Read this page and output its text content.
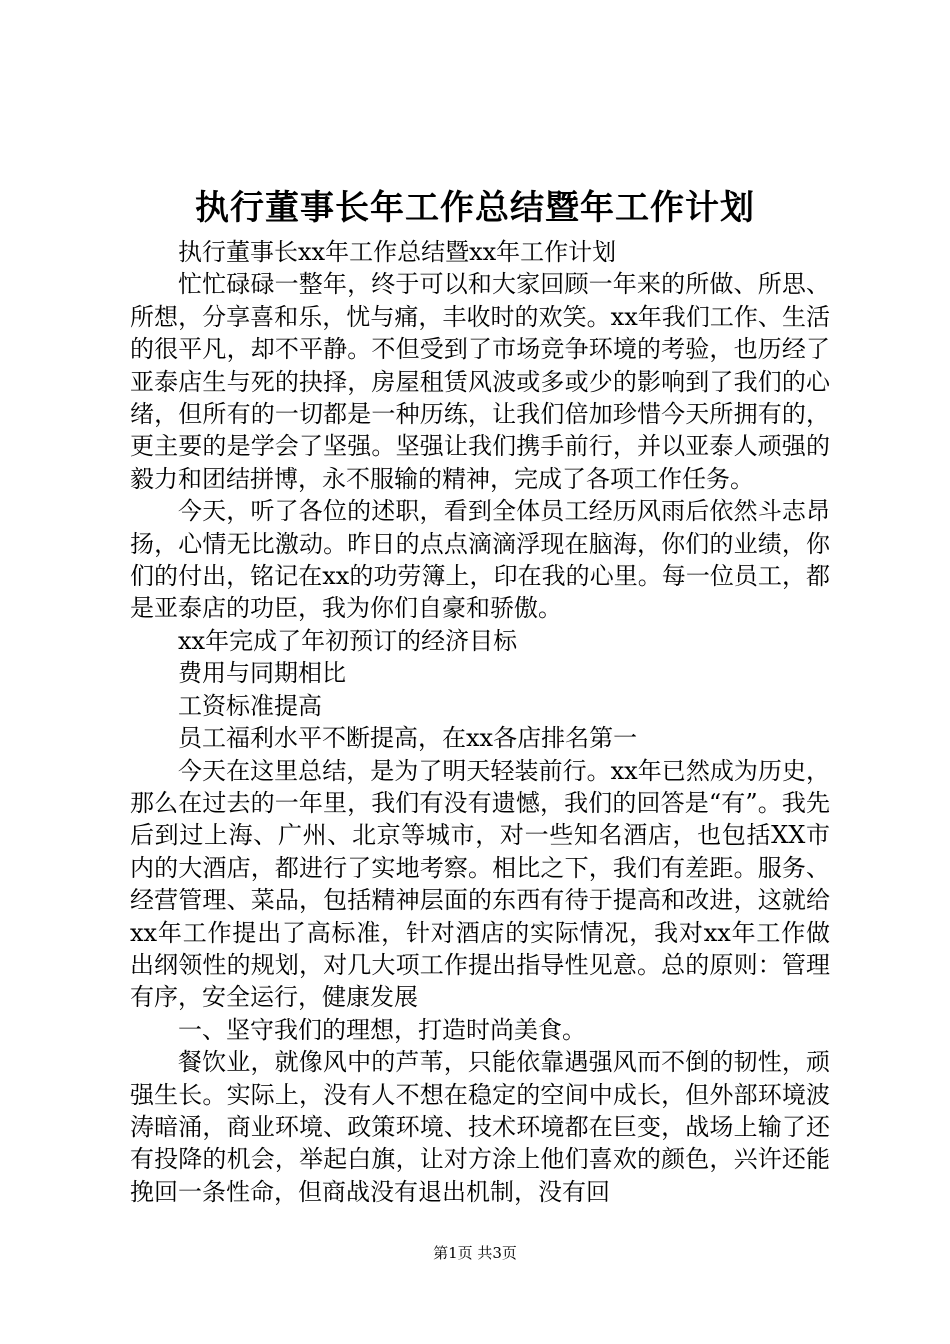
执行董事长年工作总结暨年工作计划

执行董事长xx年工作总结暨xx年工作计划

忙忙碌碌一整年，终于可以和大家回顾一年来的所做、所思、所想，分享喜和乐，忧与痛，丰收时的欢笑。xx年我们工作、生活的很平凡，却不平静。不但受到了市场竞争环境的考验，也历经了亚泰店生与死的抉择，房屋租赁风波或多或少的影响到了我们的心绪，但所有的一切都是一种历练，让我们倍加珍惜今天所拥有的，更主要的是学会了坚强。坚强让我们携手前行，并以亚泰人顽强的毅力和团结拼博，永不服输的精神，完成了各项工作任务。

今天，听了各位的述职，看到全体员工经历风雨后依然斗志昂扬，心情无比激动。昨日的点点滴滴浮现在脑海，你们的业绩，你们的付出，铭记在xx的功劳簿上，印在我的心里。每一位员工，都是亚泰店的功臣，我为你们自豪和骄傲。

xx年完成了年初预订的经济目标

费用与同期相比

工资标准提高

员工福利水平不断提高，在xx各店排名第一

今天在这里总结，是为了明天轻装前行。xx年已然成为历史，那么在过去的一年里，我们有没有遗憾，我们的回答是“有”。我先后到过上海、广州、北京等城市，对一些知名酒店，也包括XX市内的大酒店，都进行了实地考察。相比之下，我们有差距。服务、经营管理、菜品，包括精神层面的东西有待于提高和改进，这就给xx年工作提出了高标准，针对酒店的实际情况，我对xx年工作做出纲领性的规划，对几大项工作提出指导性见意。总的原则：管理有序，安全运行，健康发展

一、坚守我们的理想，打造时尚美食。

餐饮业，就像风中的芦苇，只能依靠遇强风而不倒的韧性，顽强生长。实际上，没有人不想在稳定的空间中成长，但外部环境波涛暗涌，商业环境、政策环境、技术环境都在巨变，战场上输了还有投降的机会，举起白旗，让对方涂上他们喜欢的颜色，兴许还能挽回一条性命，但商战没有退出机制，没有回

第1页 共3页
